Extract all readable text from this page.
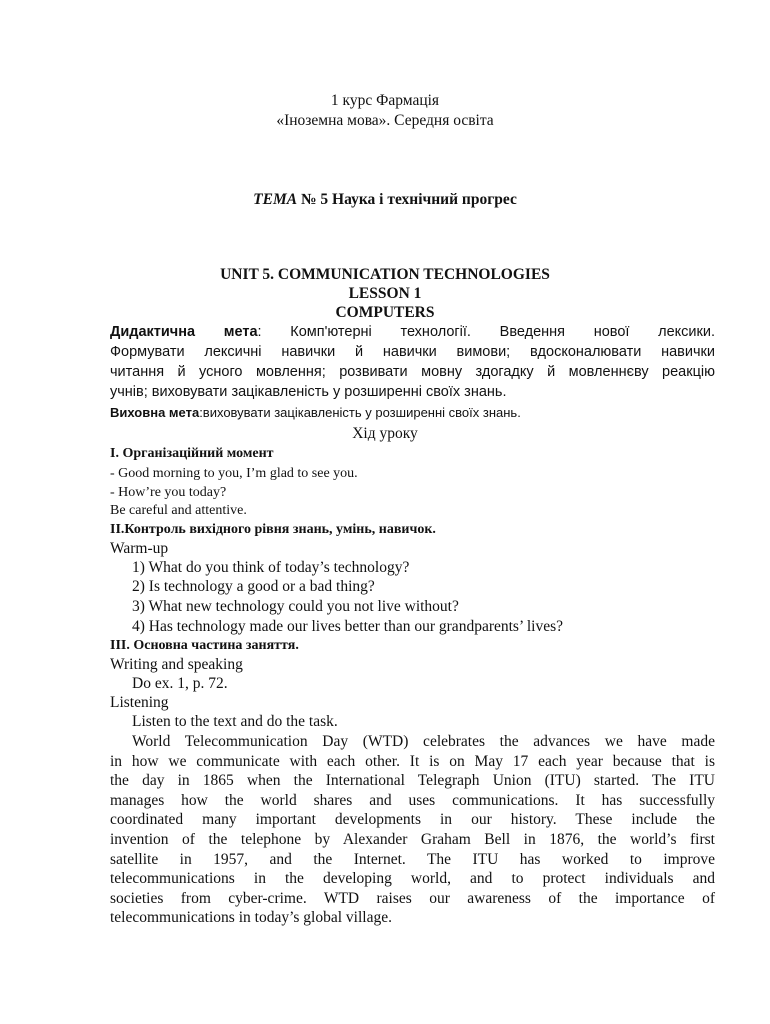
1 курс Фармація
«Іноземна мова». Середня освіта
ТЕМА № 5 Наука і технічний прогрес
UNIT 5. COMMUNICATION TECHNOLOGIES
LESSON 1
COMPUTERS
Дидактична мета: Комп'ютерні технології. Введення нової лексики.
Формувати лексичні навички й навички вимови; вдосконалювати навички
читання й усного мовлення; розвивати мовну здогадку й мовленнєву реакцію
учнів; виховувати зацікавленість у розширенні своїх знань.
Виховна мета:виховувати зацікавленість у розширенні своїх знань.
Хід уроку
І. Організаційний момент
- Good morning to you, I’m glad to see you.
- How’re you today?
Be careful and attentive.
ІІ.Контроль вихідного рівня знань, умінь, навичок.
Warm-up
1) What do you think of today’s technology?
2) Is technology a good or a bad thing?
3) What new technology could you not live without?
4) Has technology made our lives better than our grandparents’ lives?
ІІІ. Основна частина заняття.
Writing and speaking
Do ex. 1, p. 72.
Listening
Listen to the text and do the task.
World Telecommunication Day (WTD) celebrates the advances we have made
in how we communicate with each other. It is on May 17 each year because that is
the day in 1865 when the International Telegraph Union (ITU) started. The ITU
manages how the world shares and uses communications. It has successfully
coordinated many important developments in our history. These include the
invention of the telephone by Alexander Graham Bell in 1876, the world’s first
satellite in 1957, and the Internet. The ITU has worked to improve
telecommunications in the developing world, and to protect individuals and
societies from cyber-crime. WTD raises our awareness of the importance of
telecommunications in today’s global village.
